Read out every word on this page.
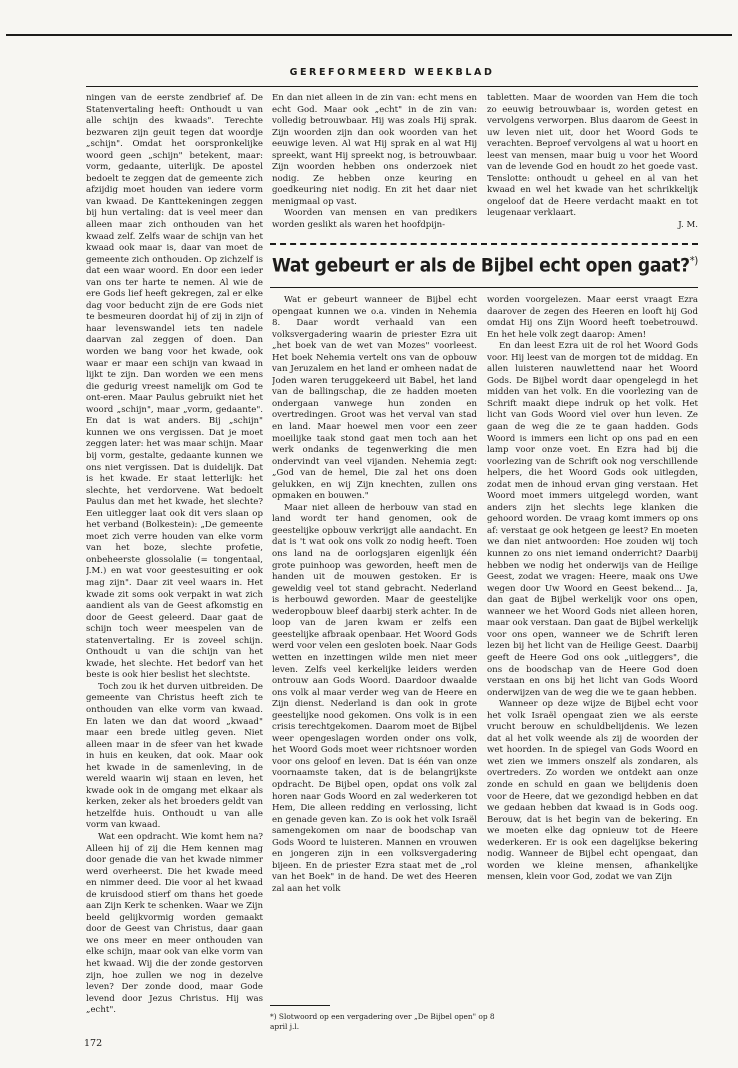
GEREFORMEERD WEEKBLAD

ningen van de eerste zendbrief af. De Statenvertaling heeft: Onthoudt u van alle schijn des kwaads". Terechte bezwaren zijn geuit tegen dat woordje „schijn". Omdat het oorspronkelijke woord geen „schijn" betekent, maar: vorm, gedaante, uiterlijk. De apostel bedoelt te zeggen dat de gemeente zich afzijdig moet houden van iedere vorm van kwaad. De Kanttekeningen zeggen bij hun vertaling: dat is veel meer dan alleen maar zich onthouden van het kwaad zelf. Zelfs waar de schijn van het kwaad ook maar is, daar van moet de gemeente zich onthouden. Op zichzelf is dat een waar woord. En door een ieder van ons ter harte te nemen. Al wie de ere Gods lief heeft gekregen, zal er elke dag voor beducht zijn de ere Gods niet te besmeuren doordat hij of zij in zijn of haar levenswandel iets ten nadele daarvan zal zeggen of doen. Dan worden we bang voor het kwade, ook waar er maar een schijn van kwaad in lijkt te zijn. Dan worden we een mens die gedurig vreest namelijk om God te ont-eren. Maar Paulus gebruikt niet het woord „schijn", maar „vorm, gedaante". En dat is wat anders. Bij „schijn" kunnen we ons vergissen. Dat je moet zeggen later: het was maar schijn. Maar bij vorm, gestalte, gedaante kunnen we ons niet vergissen. Dat is duidelijk. Dat is het kwade. Er staat letterlijk: het slechte, het verdorvene. Wat bedoelt Paulus dan met het kwade, het slechte? Een uitlegger laat ook dit vers slaan op het verband (Bolkestein): „De gemeente moet zich verre houden van elke vorm van het boze, slechte profetie, onbeheerste glossolalie (= tongentaal, J.M.) en wat voor geestesuiting er ook mag zijn". Daar zit veel waars in. Het kwade zit soms ook verpakt in wat zich aandient als van de Geest afkomstig en door de Geest geleerd. Daar gaat de schijn toch weer meespelen van de statenvertaling. Er is zoveel schijn. Onthoudt u van die schijn van het kwade, het slechte. Het bedorf van het beste is ook hier beslist het slechtste.

Toch zou ik het durven uitbreiden. De gemeente van Christus heeft zich te onthouden van elke vorm van kwaad. En laten we dan dat woord „kwaad" maar een brede uitleg geven. Niet alleen maar in de sfeer van het kwade in huis en keuken, dat ook. Maar ook het kwade in de samenleving, in de wereld waarin wij staan en leven, het kwade ook in de omgang met elkaar als kerken, zeker als het broeders geldt van hetzelfde huis. Onthoudt u van alle vorm van kwaad.

Wat een opdracht. Wie komt hem na? Alleen hij of zij die Hem kennen mag door genade die van het kwade nimmer werd overheerst. Die het kwade meed en nimmer deed. Die voor al het kwaad de kruisdood stierf om thans het goede aan Zijn Kerk te schenken. Waar we Zijn beeld gelijkvormig worden gemaakt door de Geest van Christus, daar gaan we ons meer en meer onthouden van elke schijn, maar ook van elke vorm van het kwaad. Wij die der zonde gestorven zijn, hoe zullen we nog in dezelve leven? Der zonde dood, maar Gode levend door Jezus Christus. Hij was „echt".

En dan niet alleen in de zin van: echt mens en echt God. Maar ook „echt" in de zin van: volledig betrouwbaar. Hij was zoals Hij sprak. Zijn woorden zijn dan ook woorden van het eeuwige leven. Al wat Hij sprak en al wat Hij spreekt, want Hij spreekt nog, is betrouwbaar. Zijn woorden hebben ons onderzoek niet nodig. Ze hebben onze keuring en goedkeuring niet nodig. En zit het daar niet menigmaal op vast.

Woorden van mensen en van predikers worden geslikt als waren het hoofdpijn-

tabletten. Maar de woorden van Hem die toch zo eeuwig betrouwbaar is, worden getest en vervolgens verworpen. Blus daarom de Geest in uw leven niet uit, door het Woord Gods te verachten. Beproef vervolgens al wat u hoort en leest van mensen, maar buig u voor het Woord van de levende God en houdt zo het goede vast. Tenslotte: onthoudt u geheel en al van het kwaad en wel het kwade van het schrikkelijk ongeloof dat de Heere verdacht maakt en tot leugenaar verklaart.

J. M.
Wat gebeurt er als de Bijbel echt open gaat?*)

Wat er gebeurt wanneer de Bijbel echt opengaat kunnen we o.a. vinden in Nehemia 8. Daar wordt verhaald van een volksvergadering waarin de priester Ezra uit „het boek van de wet van Mozes" voorleest. Het boek Nehemia vertelt ons van de opbouw van Jeruzalem en het land er omheen nadat de Joden waren teruggekeerd uit Babel, het land van de ballingschap, die ze hadden moeten ondergaan vanwege hun zonden en overtredingen. Groot was het verval van stad en land. Maar hoewel men voor een zeer moeilijke taak stond gaat men toch aan het werk ondanks de tegenwerking die men ondervindt van veel vijanden. Nehemia zegt: „God van de hemel, Die zal het ons doen gelukken, en wij Zijn knechten, zullen ons opmaken en bouwen."

Maar niet alleen de herbouw van stad en land wordt ter hand genomen, ook de geestelijke opbouw verkrijgt alle aandacht. En dat is 't wat ook ons volk zo nodig heeft. Toen ons land na de oorlogsjaren eigenlijk één grote puinhoop was geworden, heeft men de handen uit de mouwen gestoken. Er is geweldig veel tot stand gebracht. Nederland is herbouwd geworden. Maar de geestelijke wederopbouw bleef daarbij sterk achter. In de loop van de jaren kwam er zelfs een geestelijke afbraak openbaar. Het Woord Gods werd voor velen een gesloten boek. Naar Gods wetten en inzettingen wilde men niet meer leven. Zelfs veel kerkelijke leiders werden ontrouw aan Gods Woord. Daardoor dwaalde ons volk al maar verder weg van de Heere en Zijn dienst. Nederland is dan ook in grote geestelijke nood gekomen. Ons volk is in een crisis terechtgekomen. Daarom moet de Bijbel weer opengeslagen worden onder ons volk, het Woord Gods moet weer richtsnoer worden voor ons geloof en leven. Dat is één van onze voornaamste taken, dat is de belangrijkste opdracht. De Bijbel open, opdat ons volk zal horen naar Gods Woord en zal wederkeren tot Hem, Die alleen redding en verlossing, licht en genade geven kan. Zo is ook het volk Israël samengekomen om naar de boodschap van Gods Woord te luisteren. Mannen en vrouwen en jongeren zijn in een volksvergadering bijeen. En de priester Ezra staat met de „rol van het Boek" in de hand. De wet des Heeren zal aan het volk

worden voorgelezen. Maar eerst vraagt Ezra daarover de zegen des Heeren en looft hij God omdat Hij ons Zijn Woord heeft toebetrouwd. En het hele volk zegt daarop: Amen!

En dan leest Ezra uit de rol het Woord Gods voor. Hij leest van de morgen tot de middag. En allen luisteren nauwlettend naar het Woord Gods. De Bijbel wordt daar opengelegd in het midden van het volk. En die voorlezing van de Schrift maakt diepe indruk op het volk. Het licht van Gods Woord viel over hun leven. Ze gaan de weg die ze te gaan hadden. Gods Woord is immers een licht op ons pad en een lamp voor onze voet. En Ezra had bij die voorlezing van de Schrift ook nog verschillende helpers, die het Woord Gods ook uitlegden, zodat men de inhoud ervan ging verstaan. Het Woord moet immers uitgelegd worden, want anders zijn het slechts lege klanken die gehoord worden. De vraag komt immers op ons af: verstaat ge ook hetgeen ge leest? En moeten we dan niet antwoorden: Hoe zouden wij toch kunnen zo ons niet iemand onderricht? Daarbij hebben we nodig het onderwijs van de Heilige Geest, zodat we vragen: Heere, maak ons Uwe wegen door Uw Woord en Geest bekend... Ja, dan gaat de Bijbel werkelijk voor ons open, wanneer we het Woord Gods niet alleen horen, maar ook verstaan. Dan gaat de Bijbel werkelijk voor ons open, wanneer we de Schrift leren lezen bij het licht van de Heilige Geest. Daarbij geeft de Heere God ons ook „uitleggers", die ons de boodschap van de Heere God doen verstaan en ons bij het licht van Gods Woord onderwijzen van de weg die we te gaan hebben.

Wanneer op deze wijze de Bijbel echt voor het volk Israël opengaat zien we als eerste vrucht berouw en schuldbelijdenis. We lezen dat al het volk weende als zij de woorden der wet hoorden. In de spiegel van Gods Woord en wet zien we immers onszelf als zondaren, als overtreders. Zo worden we ontdekt aan onze zonde en schuld en gaan we belijdenis doen voor de Heere, dat we gezondigd hebben en dat we gedaan hebben dat kwaad is in Gods oog. Berouw, dat is het begin van de bekering. En we moeten elke dag opnieuw tot de Heere wederkeren. Er is ook een dagelijkse bekering nodig. Wanneer de Bijbel echt opengaat, dan worden we kleine mensen, afhankelijke mensen, klein voor God, zodat we van Zijn

*) Slotwoord op een vergadering over „De Bijbel open" op 8 april j.l.
172
